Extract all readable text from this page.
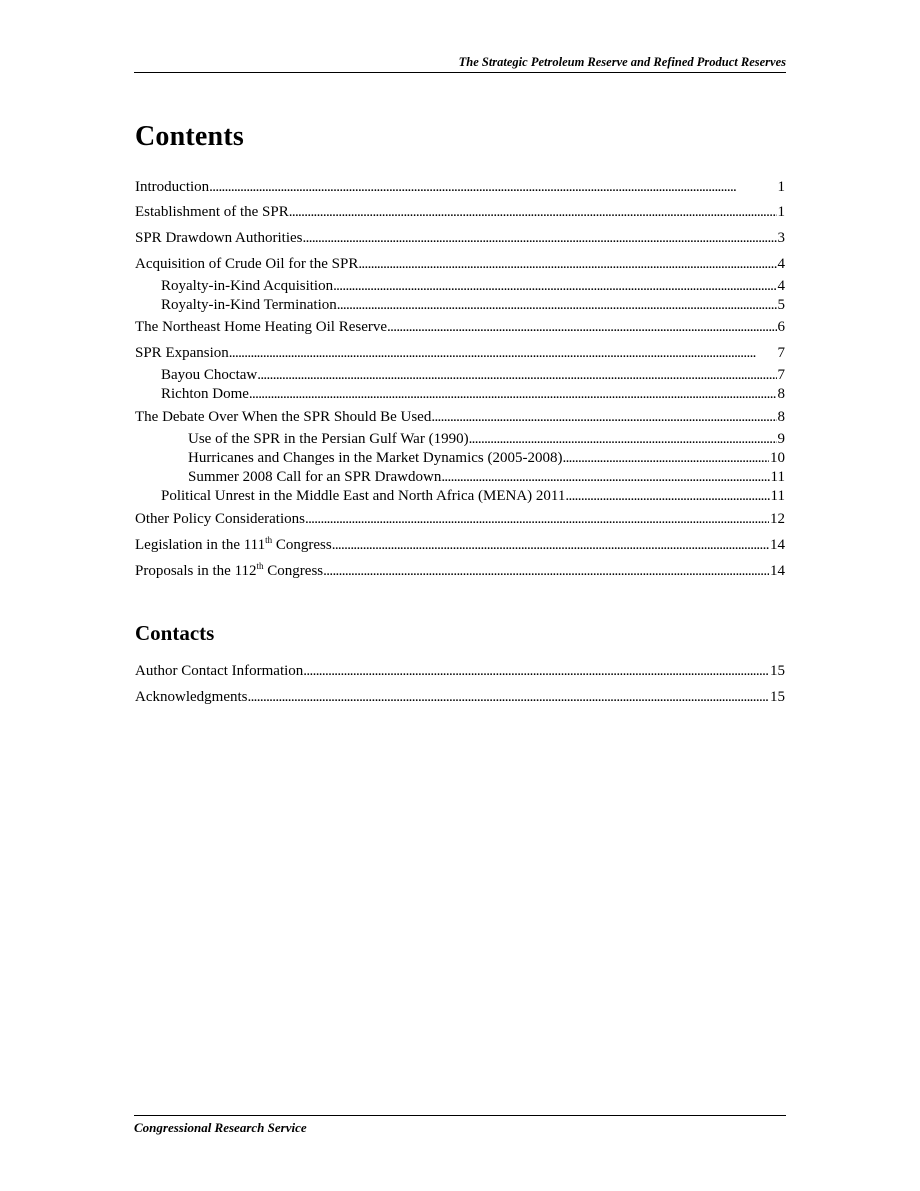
The Strategic Petroleum Reserve and Refined Product Reserves
Contents
Introduction . . .	1
Establishment of the SPR . . .	1
SPR Drawdown Authorities . . .	3
Acquisition of Crude Oil for the SPR . . .	4
Royalty-in-Kind Acquisition . . .	4
Royalty-in-Kind Termination . . .	5
The Northeast Home Heating Oil Reserve . . .	6
SPR Expansion . . .	7
Bayou Choctaw . . .	7
Richton Dome . . .	8
The Debate Over When the SPR Should Be Used . . .	8
Use of the SPR in the Persian Gulf War (1990) . . .	9
Hurricanes and Changes in the Market Dynamics (2005-2008) . . .	10
Summer 2008 Call for an SPR Drawdown . . .	11
Political Unrest in the Middle East and North Africa (MENA) 2011 . . .	11
Other Policy Considerations . . .	12
Legislation in the 111th Congress . . .	14
Proposals in the 112th Congress . . .	14
Contacts
Author Contact Information . . .	15
Acknowledgments . . .	15
Congressional Research Service
